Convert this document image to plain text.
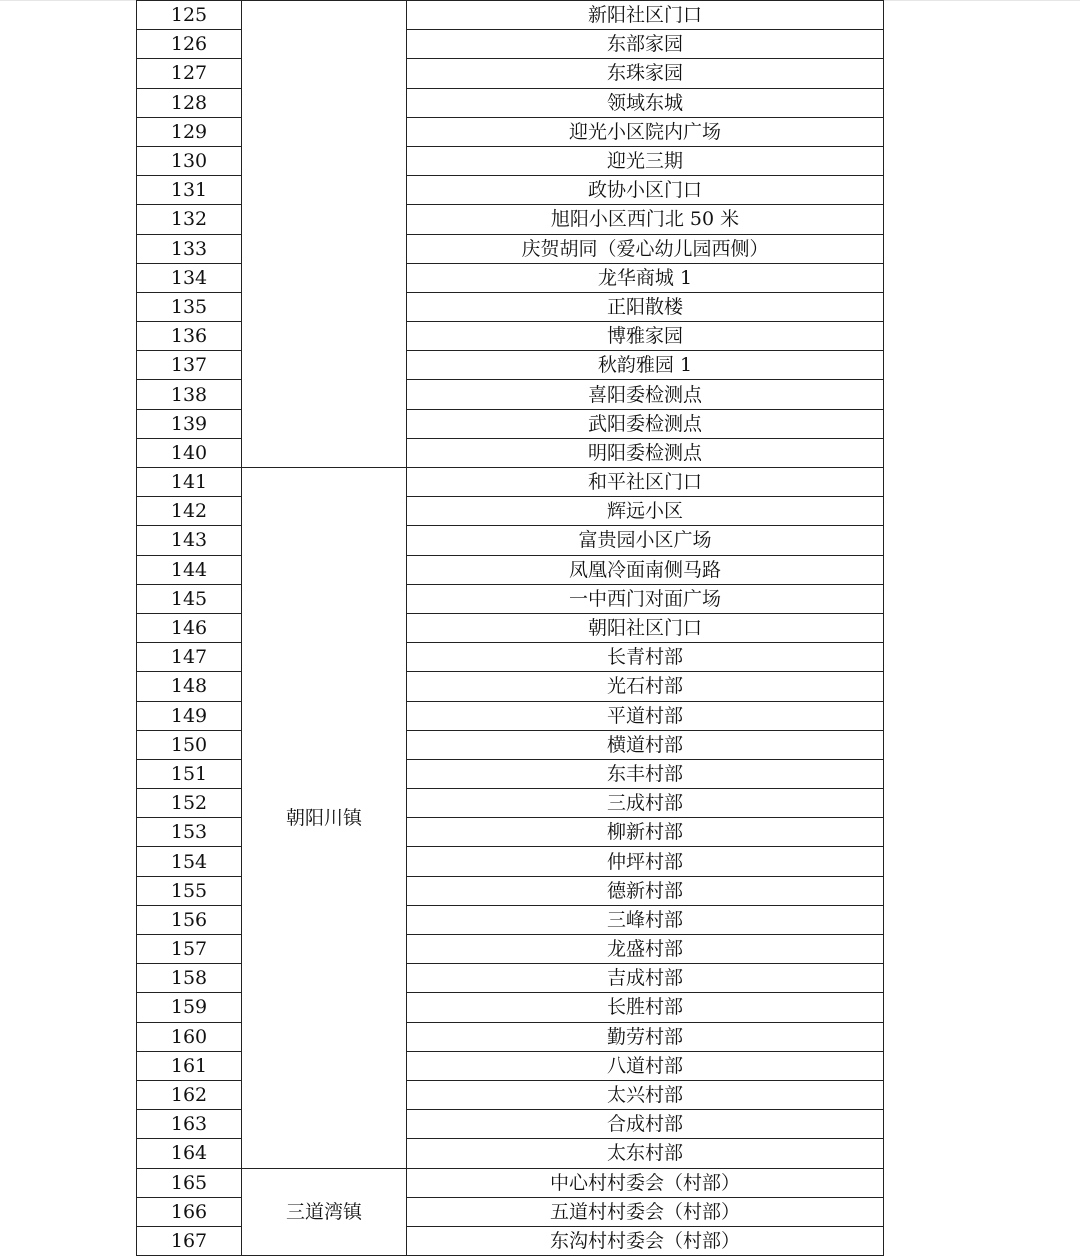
125		新阳社区门口
126		东部家园
127		东珠家园
128		领域东城
129		迎光小区院内广场
130		迎光三期
131		政协小区门口
132		旭阳小区西门北 50 米
133		庆贺胡同（爱心幼儿园西侧）
134		龙华商城 1
135		正阳散楼
136		博雅家园
137		秋韵雅园 1
138		喜阳委检测点
139		武阳委检测点
140		明阳委检测点
141	朝阳川镇	和平社区门口
142		辉远小区
143		富贵园小区广场
144		凤凰冷面南侧马路
145		一中西门对面广场
146		朝阳社区门口
147		长青村部
148		光石村部
149		平道村部
150		横道村部
151		东丰村部
152		三成村部
153		柳新村部
154		仲坪村部
155		德新村部
156		三峰村部
157		龙盛村部
158		吉成村部
159		长胜村部
160		勤劳村部
161		八道村部
162		太兴村部
163		合成村部
164		太东村部
165	三道湾镇	中心村村委会（村部）
166		五道村村委会（村部）
167		东沟村村委会（村部）
